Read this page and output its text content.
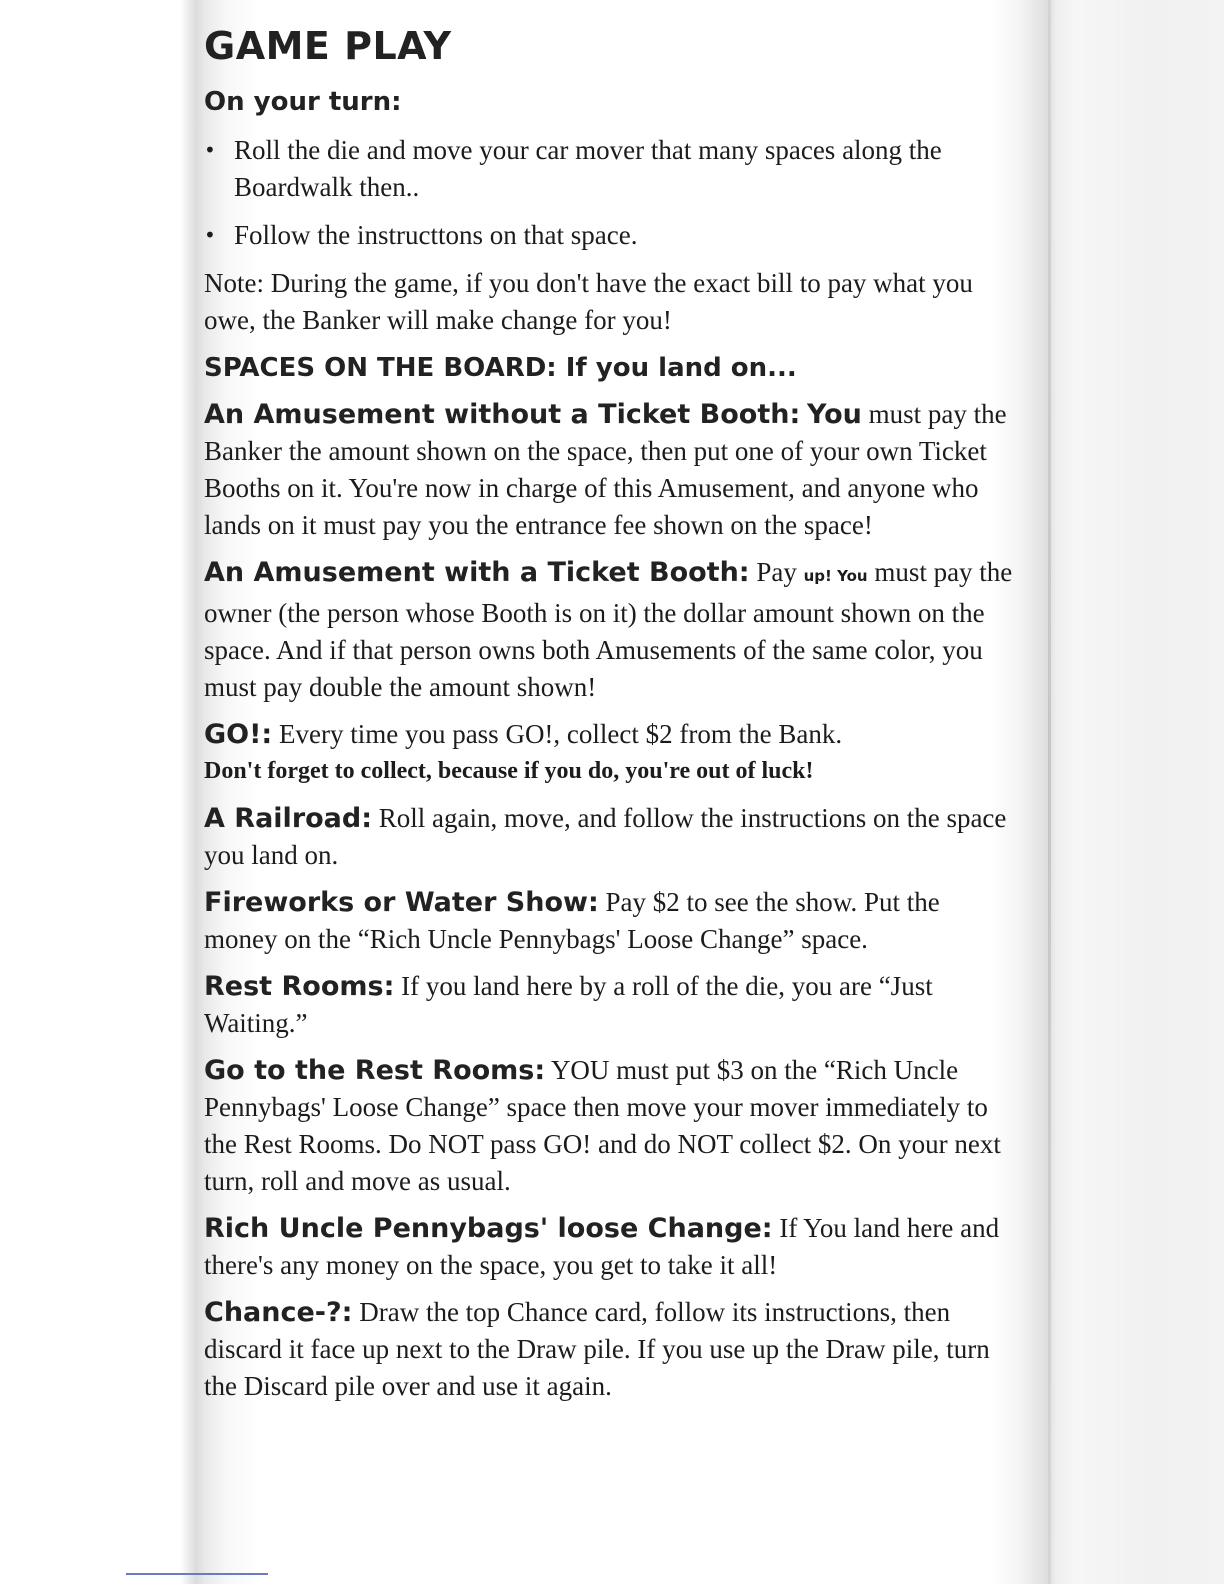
GAME PLAY
On your turn:
• Roll the die and move your car mover that many spaces along the Boardwalk then..
• Follow the instructtons on that space.
Note: During the game, if you don't have the exact bill to pay what you owe, the Banker will make change for you!
SPACES ON THE BOARD: If you land on...
An Amusement without a Ticket Booth: You must pay the Banker the amount shown on the space, then put one of your own Ticket Booths on it. You're now in charge of this Amusement, and anyone who lands on it must pay you the entrance fee shown on the space!
An Amusement with a Ticket Booth: Pay up! You must pay the owner (the person whose Booth is on it) the dollar amount shown on the space. And if that person owns both Amusements of the same color, you must pay double the amount shown!
GO!: Every time you pass GO!, collect $2 from the Bank.
Don't forget to collect, because if you do, you're out of luck!
A Railroad: Roll again, move, and follow the instructions on the space you land on.
Fireworks or Water Show: Pay $2 to see the show. Put the money on the “Rich Uncle Pennybags' Loose Change” space.
Rest Rooms: If you land here by a roll of the die, you are “Just Waiting.”
Go to the Rest Rooms: YOU must put $3 on the “Rich Uncle Pennybags' Loose Change” space then move your mover immediately to the Rest Rooms. Do NOT pass GO! and do NOT collect $2. On your next turn, roll and move as usual.
Rich Uncle Pennybags' loose Change: If You land here and there's any money on the space, you get to take it all!
Chance-?: Draw the top Chance card, follow its instructions, then discard it face up next to the Draw pile. If you use up the Draw pile, turn the Discard pile over and use it again.
